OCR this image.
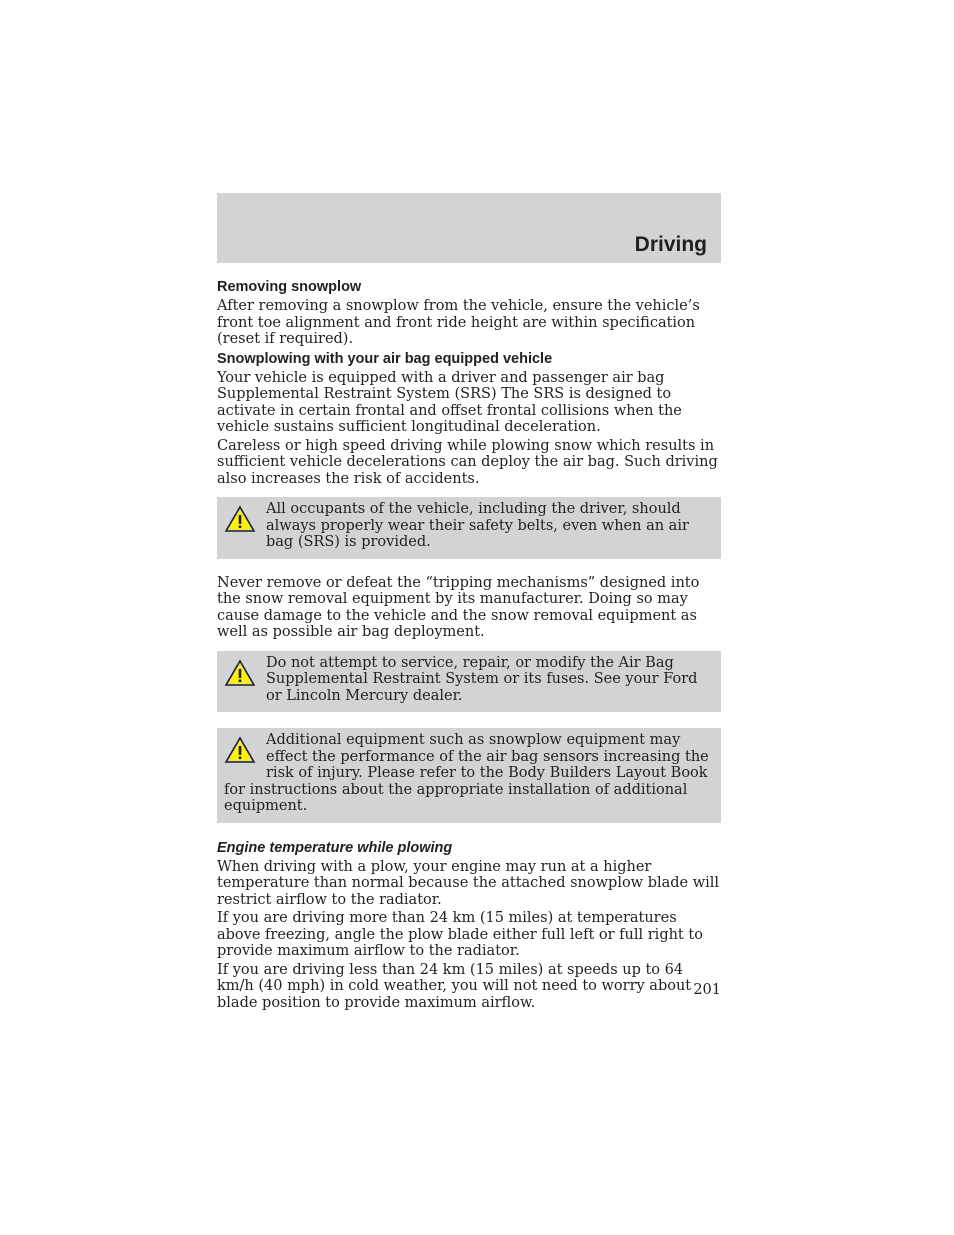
Driving
Removing snowplow

After removing a snowplow from the vehicle, ensure the vehicle’s front toe alignment and front ride height are within specification (reset if required).

Snowplowing with your air bag equipped vehicle

Your vehicle is equipped with a driver and passenger air bag Supplemental Restraint System (SRS) The SRS is designed to activate in certain frontal and offset frontal collisions when the vehicle sustains sufficient longitudinal deceleration.

Careless or high speed driving while plowing snow which results in sufficient vehicle decelerations can deploy the air bag. Such driving also increases the risk of accidents.

All occupants of the vehicle, including the driver, should always properly wear their safety belts, even when an air bag (SRS) is provided.

Never remove or defeat the “tripping mechanisms” designed into the snow removal equipment by its manufacturer. Doing so may cause damage to the vehicle and the snow removal equipment as well as possible air bag deployment.

Do not attempt to service, repair, or modify the Air Bag Supplemental Restraint System or its fuses. See your Ford or Lincoln Mercury dealer.
Additional equipment such as snowplow equipment may effect the performance of the air bag sensors increasing the risk of injury. Please refer to the Body Builders Layout Book for instructions about the appropriate installation of additional equipment.
Engine temperature while plowing

When driving with a plow, your engine may run at a higher temperature than normal because the attached snowplow blade will restrict airflow to the radiator.

If you are driving more than 24 km (15 miles) at temperatures above freezing, angle the plow blade either full left or full right to provide maximum airflow to the radiator.

If you are driving less than 24 km (15 miles) at speeds up to 64 km/h (40 mph) in cold weather, you will not need to worry about blade position to provide maximum airflow.

201
